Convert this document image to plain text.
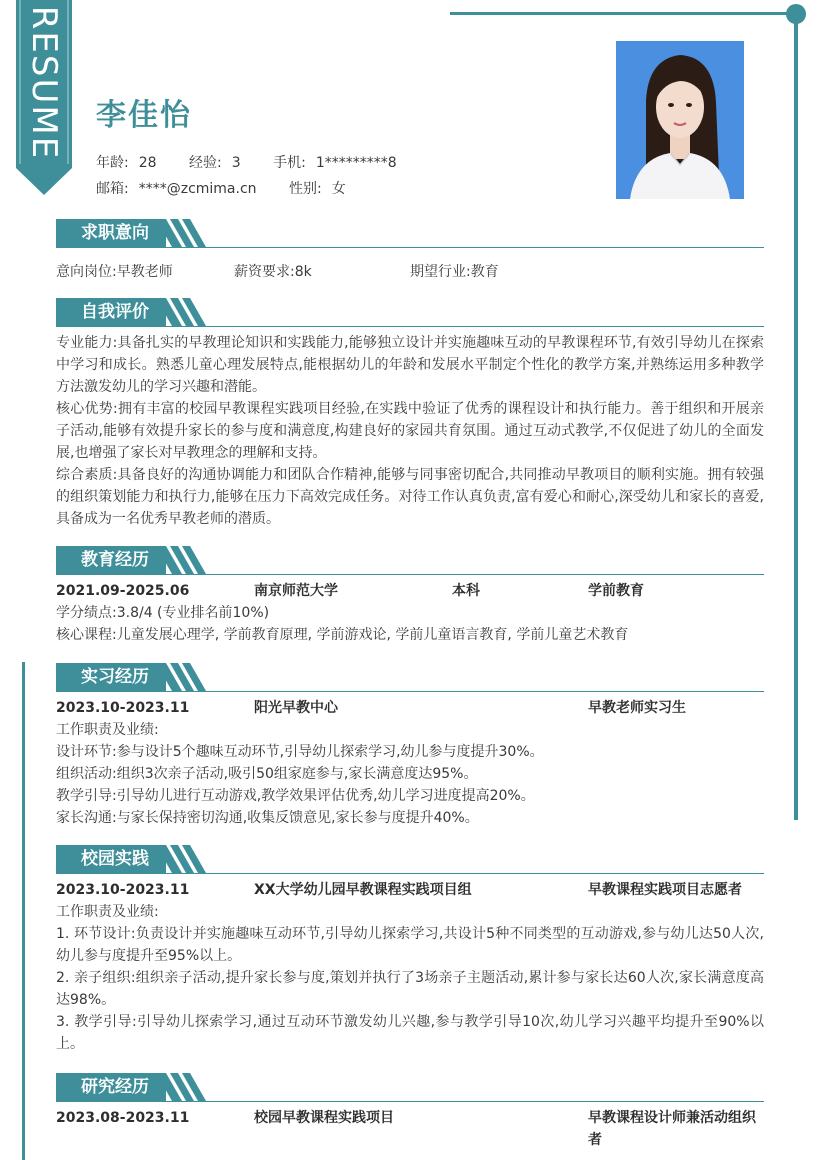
RESUME 李佳怡
年龄: 28 经验: 3 手机: 1*********8
邮箱: ****@zcmima.cn 性别: 女
求职意向
意向岗位:早教老师	薪资要求:8k	期望行业:教育
自我评价
专业能力:具备扎实的早教理论知识和实践能力,能够独立设计并实施趣味互动的早教课程环节,有效引导幼儿在探索中学习和成长。熟悉儿童心理发展特点,能根据幼儿的年龄和发展水平制定个性化的教学方案,并熟练运用多种教学方法激发幼儿的学习兴趣和潜能。
核心优势:拥有丰富的校园早教课程实践项目经验,在实践中验证了优秀的课程设计和执行能力。善于组织和开展亲子活动,能够有效提升家长的参与度和满意度,构建良好的家园共育氛围。通过互动式教学,不仅促进了幼儿的全面发展,也增强了家长对早教理念的理解和支持。
综合素质:具备良好的沟通协调能力和团队合作精神,能够与同事密切配合,共同推动早教项目的顺利实施。拥有较强的组织策划能力和执行力,能够在压力下高效完成任务。对待工作认真负责,富有爱心和耐心,深受幼儿和家长的喜爱,具备成为一名优秀早教老师的潜质。
教育经历
2021.09-2025.06	南京师范大学	本科	学前教育
学分绩点:3.8/4 (专业排名前10%)
核心课程:儿童发展心理学, 学前教育原理, 学前游戏论, 学前儿童语言教育, 学前儿童艺术教育
实习经历
2023.10-2023.11	阳光早教中心	早教老师实习生
工作职责及业绩:
设计环节:参与设计5个趣味互动环节,引导幼儿探索学习,幼儿参与度提升30%。
组织活动:组织3次亲子活动,吸引50组家庭参与,家长满意度达95%。
教学引导:引导幼儿进行互动游戏,教学效果评估优秀,幼儿学习进度提高20%。
家长沟通:与家长保持密切沟通,收集反馈意见,家长参与度提升40%。
校园实践
2023.10-2023.11	XX大学幼儿园早教课程实践项目组	早教课程实践项目志愿者
工作职责及业绩:
1. 环节设计:负责设计并实施趣味互动环节,引导幼儿探索学习,共设计5种不同类型的互动游戏,参与幼儿达50人次,幼儿参与度提升至95%以上。
2. 亲子组织:组织亲子活动,提升家长参与度,策划并执行了3场亲子主题活动,累计参与家长达60人次,家长满意度高达98%。
3. 教学引导:引导幼儿探索学习,通过互动环节激发幼儿兴趣,参与教学引导10次,幼儿学习兴趣平均提升至90%以上。
研究经历
2023.08-2023.11	校园早教课程实践项目	早教课程设计师兼活动组织者
